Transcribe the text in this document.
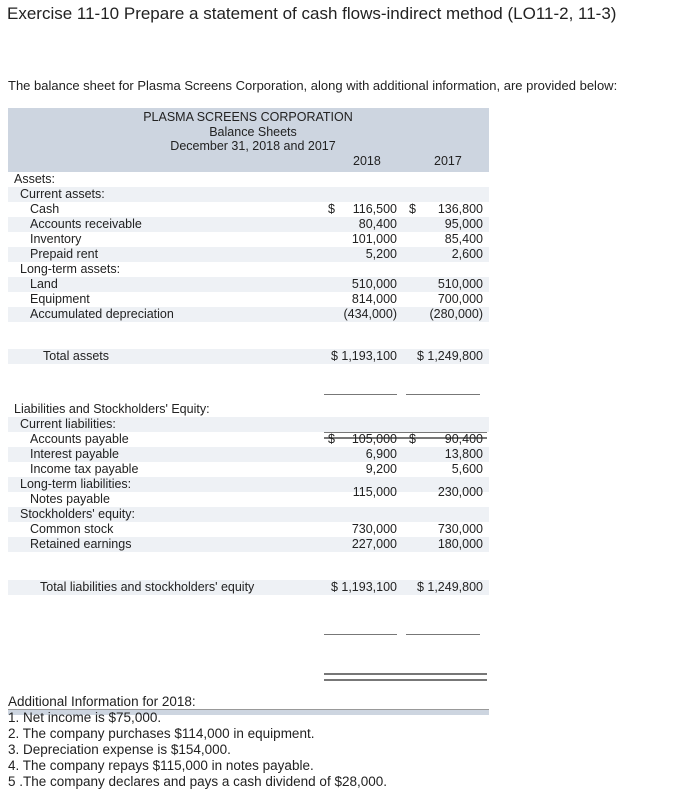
Exercise 11-10 Prepare a statement of cash flows-indirect method (LO11-2, 11-3)
The balance sheet for Plasma Screens Corporation, along with additional information, are provided below:
PLASMA SCREENS CORPORATION
Balance Sheets
December 31, 2018 and 2017
2018	2017
Assets:
Current assets:
Cash	$ 116,500 $ 136,800
Accounts receivable	80,400	95,000
Inventory	101,000	85,400
Prepaid rent	5,200	2,600
Long-term assets:
Land	510,000	510,000
Equipment	814,000	700,000
Accumulated depreciation	(434,000)	(280,000)
Total assets	$ 1,193,100 $ 1,249,800
Liabilities and Stockholders' Equity:
Current liabilities:
Accounts payable	$ 105,000 $ 90,400
Interest payable	6,900	13,800
Income tax payable	9,200	5,600
Long-term liabilities:
Notes payable	115,000	230,000
Stockholders' equity:
Common stock	730,000	730,000
Retained earnings	227,000	180,000
Total liabilities and stockholders' equity	$ 1,193,100 $ 1,249,800
Additional Information for 2018:
1. Net income is $75,000.
2. The company purchases $114,000 in equipment.
3. Depreciation expense is $154,000.
4. The company repays $115,000 in notes payable.
5 .The company declares and pays a cash dividend of $28,000.
